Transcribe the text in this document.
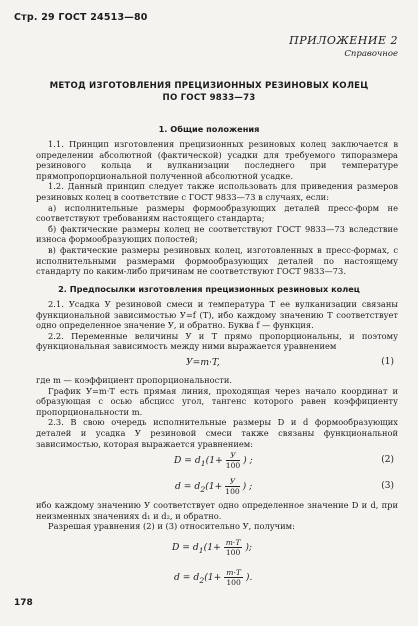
Стр. 29 ГОСТ 24513—80
ПРИЛОЖЕНИЕ 2
Справочное
МЕТОД ИЗГОТОВЛЕНИЯ ПРЕЦИЗИОННЫХ РЕЗИНОВЫХ КОЛЕЦ
ПО ГОСТ 9833—73
1. Общие положения

1.1. Принцип изготовления прецизионных резиновых колец заключается в определении абсолютной (фактической) усадки для требуемого типоразмера резинового кольца и вулканизации последнего при температуре прямопропорциональной полученной абсолютной усадке.

1.2. Данный принцип следует также использовать для приведения размеров резиновых колец в соответствие с ГОСТ 9833—73 в случаях, если:

а) исполнительные размеры формообразующих деталей пресс-форм не соответствуют требованиям настоящего стандарта;

б) фактические размеры колец не соответствуют ГОСТ 9833—73 вследствие износа формообразующих полостей;

в) фактические размеры резиновых колец, изготовленных в пресс-формах, с исполнительными размерами формообразующих деталей по настоящему стандарту по каким-либо причинам не соответствуют ГОСТ 9833—73.

2. Предпосылки изготовления прецизионных резиновых колец

2.1. Усадка У резиновой смеси и температура Т ее вулканизации связаны функциональной зависимостью У=f (Т), ибо каждому значению Т соответствует одно определенное значение У, и обратно. Буква f — функция.

2.2. Переменные величины У и Т прямо пропорциональны, и поэтому функциональная зависимость между ними выражается уравнением

У=m·T,	(1)

где m — коэффициент пропорциональности.

График У=m·Т есть прямая линия, проходящая через начало координат и образующая с осью абсцисс угол, тангенс которого равен коэффициенту пропорциональности m.

2.3. В свою очередь исполнительные размеры D и d формообразующих деталей и усадка У резиновой смеси также связаны функциональной зависимостью, которая выражается уравнением:

$D = d_1(1+ \frac{У}{100}$ ) ;	(2)
$d = d_2(1+ \frac{У}{100}$ ) ;	(3)

ибо каждому значению У соответствует одно определенное значение D и d, при неизменных значениях d₁ и d₂, и обратно.

Разрешая уравнения (2) и (3) относительно У, получим:

$D = d_1(1+ \frac{m\cdot T}{100}$ );
$d = d_2(1+ \frac{m\cdot T}{100}$ ).
178
